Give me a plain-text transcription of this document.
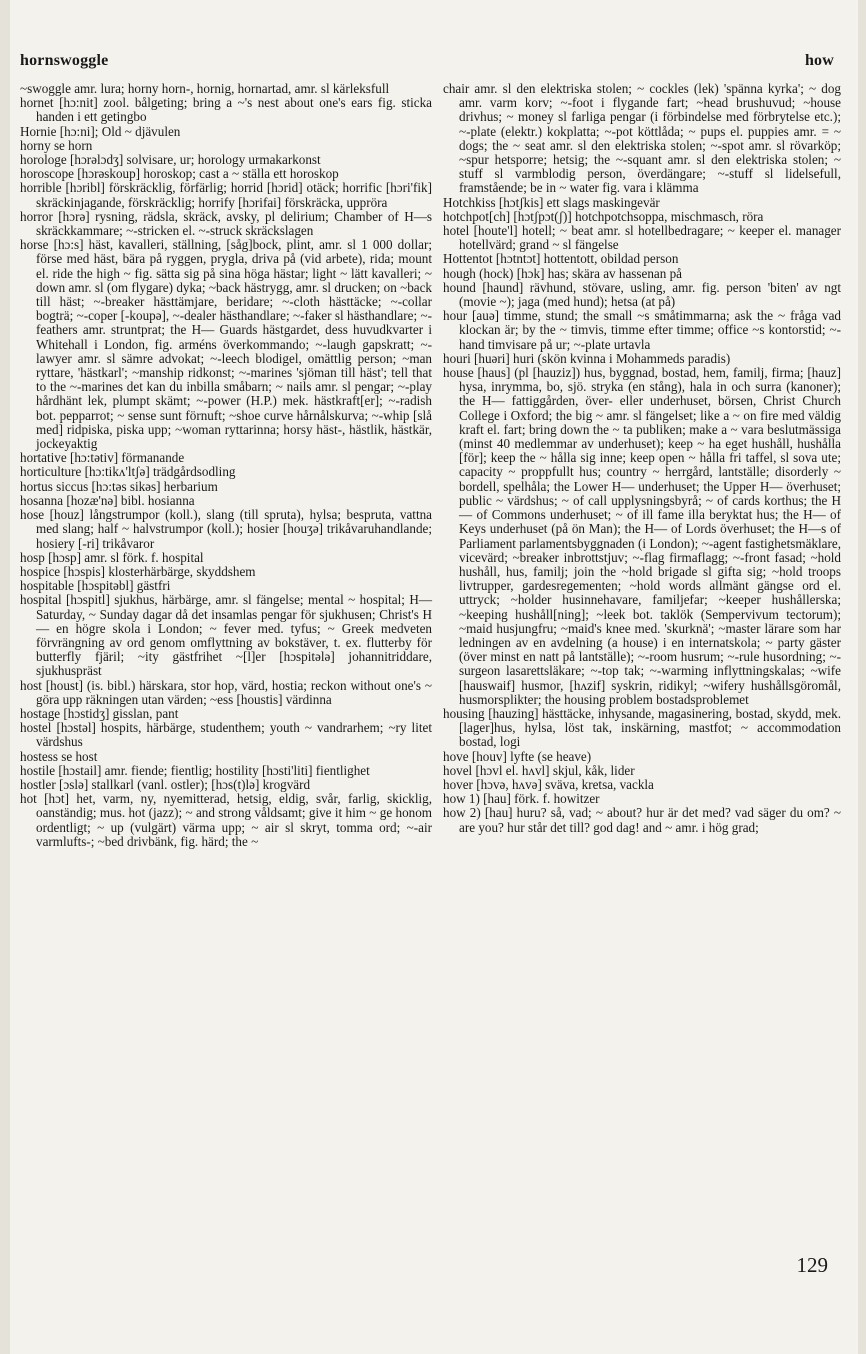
hornswoggle	how

~swoggle amr. lura; horny horn-, hornig, hornartad, amr. sl kärleksfull

hornet [hɔ:nit] zool. bålgeting; bring a ~'s nest about one's ears fig. sticka handen i ett getingbo

Hornie [hɔ:ni]; Old ~ djävulen

horny se horn

horologe [hɔrəlɔdʒ] solvisare, ur; horology urmakarkonst

horoscope [hɔrəskoup] horoskop; cast a ~ ställa ett horoskop

horrible [hɔribl] förskräcklig, förfärlig; horrid [hɔrid] otäck; horrific [hɔri'fik] skräckinjagande, förskräcklig; horrify [hɔrifai] förskräcka, uppröra

horror [hɔrə] rysning, rädsla, skräck, avsky, pl delirium; Chamber of H—s skräckkammare; ~-stricken el. ~-struck skräckslagen

horse [hɔ:s] häst, kavalleri, ställning, [såg]bock, plint, amr. sl 1 000 dollar; förse med häst, bära på ryggen, prygla, driva på (vid arbete), rida; mount el. ride the high ~ fig. sätta sig på sina höga hästar; light ~ lätt kavalleri; ~ down amr. sl (om flygare) dyka; ~back hästrygg, amr. sl drucken; on ~back till häst; ~-breaker hästtämjare, beridare; ~-cloth hästtäcke; ~-collar bogträ; ~-coper [-koupə], ~-dealer hästhandlare; ~-faker sl hästhandlare; ~-feathers amr. struntprat; the H— Guards hästgardet, dess huvudkvarter i Whitehall i London, fig. arméns överkommando; ~-laugh gapskratt; ~-lawyer amr. sl sämre advokat; ~-leech blodigel, omättlig person; ~man ryttare, 'hästkarl'; ~manship ridkonst; ~-marines 'sjöman till häst'; tell that to the ~-marines det kan du inbilla småbarn; ~ nails amr. sl pengar; ~-play hårdhänt lek, plumpt skämt; ~-power (H.P.) mek. hästkraft[er]; ~-radish bot. pepparrot; ~ sense sunt förnuft; ~shoe curve hårnålskurva; ~-whip [slå med] ridpiska, piska upp; ~woman ryttarinna; horsy häst-, hästlik, hästkär, jockeyaktig

hortative [hɔ:tətiv] förmanande

horticulture [hɔ:tikʌ'ltʃə] trädgårdsodling

hortus siccus [hɔ:təs sikəs] herbarium

hosanna [hozæ'nə] bibl. hosianna

hose [houz] långstrumpor (koll.), slang (till spruta), hylsa; bespruta, vattna med slang; half ~ halvstrumpor (koll.); hosier [houʒə] trikåvaruhandlande; hosiery [-ri] trikåvaror

hosp [hɔsp] amr. sl förk. f. hospital

hospice [hɔspis] klosterhärbärge, skyddshem

hospitable [hɔspitəbl] gästfri

hospital [hɔspitl] sjukhus, härbärge, amr. sl fängelse; mental ~ hospital; H— Saturday, ~ Sunday dagar då det insamlas pengar för sjukhusen; Christ's H— en högre skola i London; ~ fever med. tyfus; ~ Greek medveten förvrängning av ord genom omflyttning av bokstäver, t. ex. flutterby för butterfly fjäril; ~ity gästfrihet ~[l]er [hɔspitələ] johannitriddare, sjukhuspräst

host [houst] (is. bibl.) härskara, stor hop, värd, hostia; reckon without one's ~ göra upp räkningen utan värden; ~ess [houstis] värdinna

hostage [hɔstidʒ] gisslan, pant

hostel [hɔstəl] hospits, härbärge, studenthem; youth ~ vandrarhem; ~ry litet värdshus

hostess se host

hostile [hɔstail] amr. fiende; fientlig; hostility [hɔsti'liti] fientlighet

hostler [ɔslə] stallkarl (vanl. ostler); [hɔs(t)lə] krogvärd

hot [hɔt] het, varm, ny, nyemitterad, hetsig, eldig, svår, farlig, skicklig, oanständig; mus. hot (jazz); ~ and strong våldsamt; give it him ~ ge honom ordentligt; ~ up (vulgärt) värma upp; ~ air sl skryt, tomma ord; ~-air varmlufts-; ~bed drivbänk, fig. härd; the ~

chair amr. sl den elektriska stolen; ~ cockles (lek) 'spänna kyrka'; ~ dog amr. varm korv; ~-foot i flygande fart; ~head brushuvud; ~house drivhus; ~ money sl farliga pengar (i förbindelse med förbrytelse etc.); ~-plate (elektr.) kokplatta; ~-pot köttlåda; ~ pups el. puppies amr. = ~ dogs; the ~ seat amr. sl den elektriska stolen; ~-spot amr. sl rövarköp; ~spur hetsporre; hetsig; the ~-squant amr. sl den elektriska stolen; ~ stuff sl varmblodig person, överdängare; ~-stuff sl lidelsefull, framstående; be in ~ water fig. vara i klämma

Hotchkiss [hɔtʃkis] ett slags maskingevär

hotchpot[ch] [hɔtʃpɔt(ʃ)] hotchpotchsoppa, mischmasch, röra

hotel [houte'l] hotell; ~ beat amr. sl hotellbedragare; ~ keeper el. manager hotellvärd; grand ~ sl fängelse

Hottentot [hɔtntɔt] hottentott, obildad person

hough (hock) [hɔk] has; skära av hassenan på

hound [haund] rävhund, stövare, usling, amr. fig. person 'biten' av ngt (movie ~); jaga (med hund); hetsa (at på)

hour [auə] timme, stund; the small ~s småtimmarna; ask the ~ fråga vad klockan är; by the ~ timvis, timme efter timme; office ~s kontorstid; ~-hand timvisare på ur; ~-plate urtavla

houri [huəri] huri (skön kvinna i Mohammeds paradis)

house [haus] (pl [hauziz]) hus, byggnad, bostad, hem, familj, firma; [hauz] hysa, inrymma, bo, sjö. stryka (en stång), hala in och surra (kanoner); the H— fattiggården, över- eller underhuset, börsen, Christ Church College i Oxford; the big ~ amr. sl fängelset; like a ~ on fire med väldig kraft el. fart; bring down the ~ ta publiken; make a ~ vara beslutmässiga (minst 40 medlemmar av underhuset); keep ~ ha eget hushåll, hushålla [för]; keep the ~ hålla sig inne; keep open ~ hålla fri taffel, sl sova ute; capacity ~ proppfullt hus; country ~ herrgård, lantställe; disorderly ~ bordell, spelhåla; the Lower H— underhuset; the Upper H— överhuset; public ~ värdshus; ~ of call upplysningsbyrå; ~ of cards korthus; the H— of Commons underhuset; ~ of ill fame illa beryktat hus; the H— of Keys underhuset (på ön Man); the H— of Lords överhuset; the H—s of Parliament parlamentsbyggnaden (i London); ~-agent fastighetsmäklare, vicevärd; ~breaker inbrottstjuv; ~-flag firmaflagg; ~-front fasad; ~hold hushåll, hus, familj; join the ~hold brigade sl gifta sig; ~hold troops livtrupper, gardesregementen; ~hold words allmänt gängse ord el. uttryck; ~holder husinnehavare, familjefar; ~keeper hushållerska; ~keeping hushåll[ning]; ~leek bot. taklök (Sempervivum tectorum); ~maid husjungfru; ~maid's knee med. 'skurknä'; ~master lärare som har ledningen av en avdelning (a house) i en internatskola; ~ party gäster (över minst en natt på lantställe); ~-room husrum; ~-rule husordning; ~-surgeon lasarettsläkare; ~-top tak; ~-warming inflyttningskalas; ~wife [hauswaif] husmor, [hʌzif] syskrin, ridikyl; ~wifery hushållsgöromål, husmorsplikter; the housing problem bostadsproblemet

housing [hauzing] hästtäcke, inhysande, magasinering, bostad, skydd, mek. [lager]hus, hylsa, löst tak, inskärning, mastfot; ~ accommodation bostad, logi

hove [houv] lyfte (se heave)

hovel [hɔvl el. hʌvl] skjul, kåk, lider

hover [hɔvə, hʌvə] sväva, kretsa, vackla

how 1) [hau] förk. f. howitzer

how 2) [hau] huru? så, vad; ~ about? hur är det med? vad säger du om? ~ are you? hur står det till? god dag! and ~ amr. i hög grad;

129
